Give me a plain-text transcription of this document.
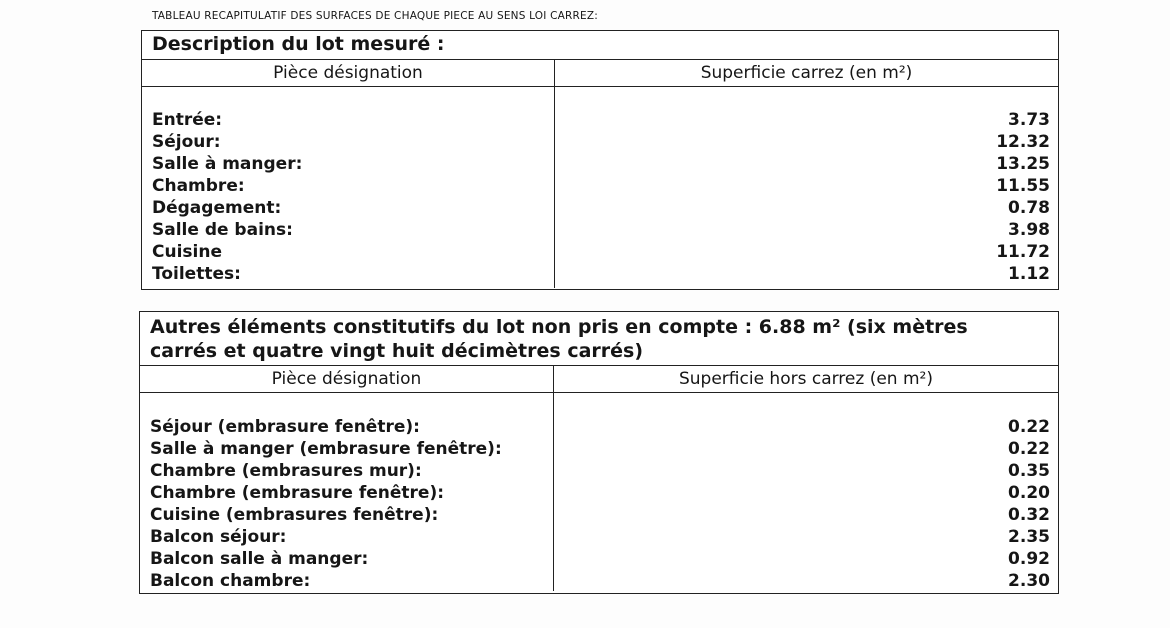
TABLEAU RECAPITULATIF DES SURFACES DE CHAQUE PIECE AU SENS LOI CARREZ:
Description du lot mesuré :
Pièce désignation	Superficie carrez (en m²)
Entrée:	3.73
Séjour:	12.32
Salle à manger:	13.25
Chambre:	11.55
Dégagement:	0.78
Salle de bains:	3.98
Cuisine	11.72
Toilettes:	1.12
Autres éléments constitutifs du lot non pris en compte : 6.88 m² (six mètres
carrés et quatre vingt huit décimètres carrés)
Pièce désignation	Superficie hors carrez (en m²)
Séjour (embrasure fenêtre):	0.22
Salle à manger (embrasure fenêtre):	0.22
Chambre (embrasures mur):	0.35
Chambre (embrasure fenêtre):	0.20
Cuisine (embrasures fenêtre):	0.32
Balcon séjour:	2.35
Balcon salle à manger:	0.92
Balcon chambre:	2.30
